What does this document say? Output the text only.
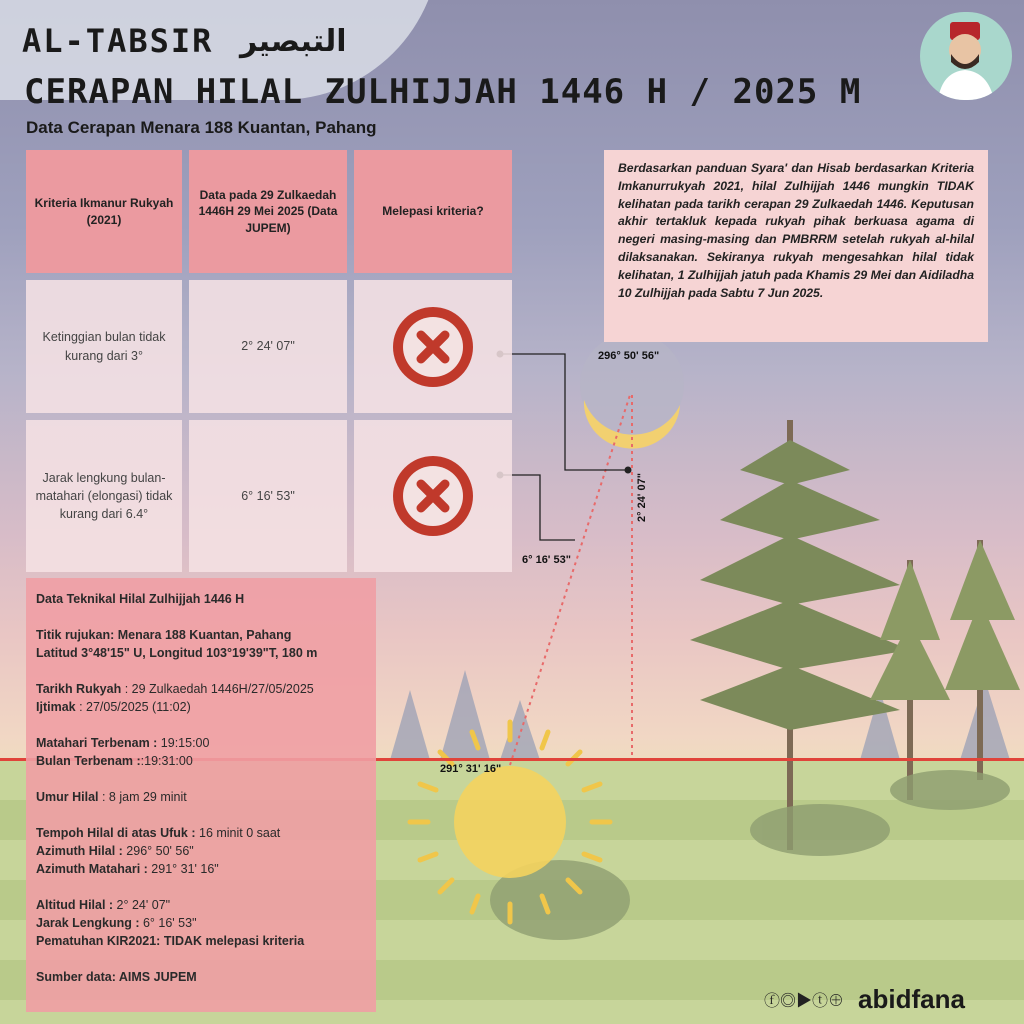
AL-TABSIR التبصير
CERAPAN HILAL ZULHIJJAH 1446 H / 2025 M
Data Cerapan Menara 188 Kuantan, Pahang
Kriteria Ikmanur Rukyah (2021)
Data pada 29 Zulkaedah 1446H 29 Mei 2025 (Data JUPEM)
Melepasi kriteria?
Ketinggian bulan tidak kurang dari 3°
2° 24' 07"
Jarak lengkung bulan-matahari (elongasi) tidak kurang dari 6.4°
6° 16' 53"
Berdasarkan panduan Syara' dan Hisab berdasarkan Kriteria Imkanurrukyah 2021, hilal Zulhijjah 1446 mungkin TIDAK kelihatan pada tarikh cerapan 29 Zulkaedah 1446. Keputusan akhir tertakluk kepada rukyah pihak berkuasa agama di negeri masing-masing dan PMBRRM setelah rukyah al-hilal dilaksanakan. Sekiranya rukyah mengesahkan hilal tidak kelihatan, 1 Zulhijjah jatuh pada Khamis 29 Mei dan Aidiladha 10 Zulhijjah pada Sabtu 7 Jun 2025.
296° 50' 56"
2° 24' 07"
6° 16' 53"
291° 31' 16"
Data Teknikal Hilal Zulhijjah 1446 H
Titik rujukan: Menara 188 Kuantan, Pahang
Latitud 3°48'15" U, Longitud 103°19'39"T, 180 m
Tarikh Rukyah : 29 Zulkaedah 1446H/27/05/2025
Ijtimak : 27/05/2025 (11:02)
Matahari Terbenam : 19:15:00
Bulan Terbenam ::19:31:00
Umur Hilal : 8 jam 29 minit
Tempoh Hilal di atas Ufuk : 16 minit 0 saat
Azimuth Hilal : 296° 50' 56"
Azimuth Matahari : 291° 31' 16"
Altitud Hilal : 2° 24' 07"
Jarak Lengkung : 6° 16' 53"
Pematuhan KIR2021: TIDAK melepasi kriteria
Sumber data: AIMS JUPEM
ⓕ◎▶ⓣ⊕ abidfana
